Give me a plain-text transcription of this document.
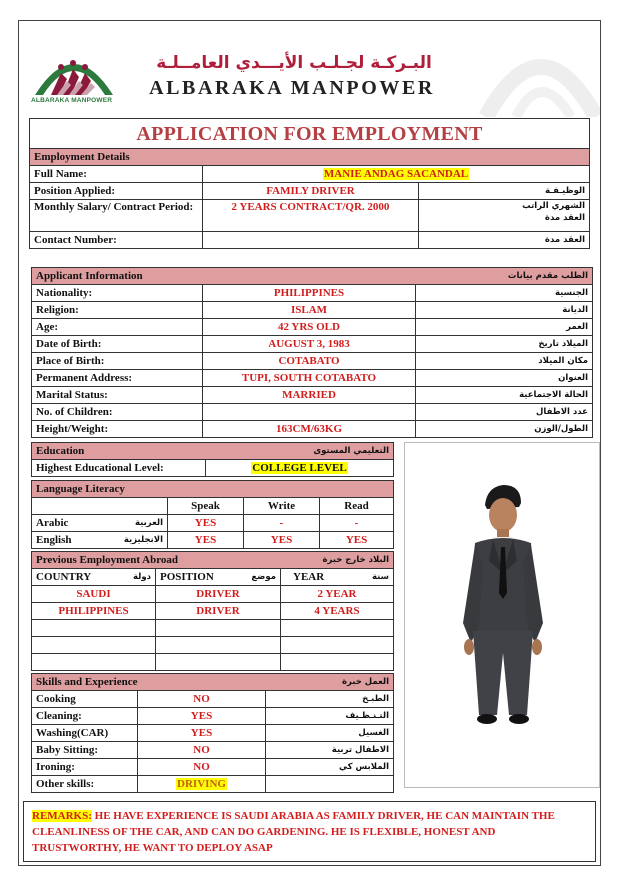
ALBARAKA MANPOWER
البـركـة لجـلـب الأيـــدي العامــلـة
ALBARAKA MANPOWER
APPLICATION FOR EMPLOYMENT		
Employment Details		
Full Name:	MANIE ANDAG SACANDAL	
Position Applied:	FAMILY DRIVER	الوظيـفـة
Monthly Salary/ Contract Period:	2 YEARS CONTRACT/QR. 2000	الشهري الراتب
العقد مدة

Contact Number:		العقد مدة
Applicant Information		الطلب مقدم بيانات
Nationality:	PHILIPPINES	الجنسية
Religion:	ISLAM	الديانة
Age:	42 YRS OLD	العمر
Date of Birth:	AUGUST 3, 1983	الميلاد تاريخ
Place of Birth:	COTABATO	مكان الميلاد
Permanent Address:	TUPI, SOUTH COTABATO	العنوان
Marital Status:	MARRIED	الحالة الاجتماعية
No. of Children:		عدد الاطفال
Height/Weight:	163CM/63KG	الطول/الوزن
Education	التعليمي المستوى
Highest Educational Level:	COLLEGE LEVEL
Language Literacy				
		Speak	Write	Read
Arabic	العربية	YES	-	-
English	الانجليزية	YES	YES	YES
Previous Employment Abroad		البلاد خارج خبرة
COUNTRY دولة	POSITION موضع	YEAR سنة

SAUDI	DRIVER	2 YEAR
PHILIPPINES	DRIVER	4 YEARS

Skills and Experience		العمل خبرة
Cooking	NO	الطبـخ
Cleaning:	YES	التـنـظـيف
Washing(CAR)	YES	الغسيل
Baby Sitting:	NO	الاطفال تربية
Ironing:	NO	الملابس كي
Other skills:	DRIVING	
REMARKS: HE HAVE EXPERIENCE IS SAUDI ARABIA AS FAMILY DRIVER, HE CAN MAINTAIN THE CLEANLINESS OF THE CAR, AND CAN DO GARDENING. HE IS FLEXIBLE, HONEST AND TRUSTWORTHY, HE WANT TO DEPLOY ASAP
